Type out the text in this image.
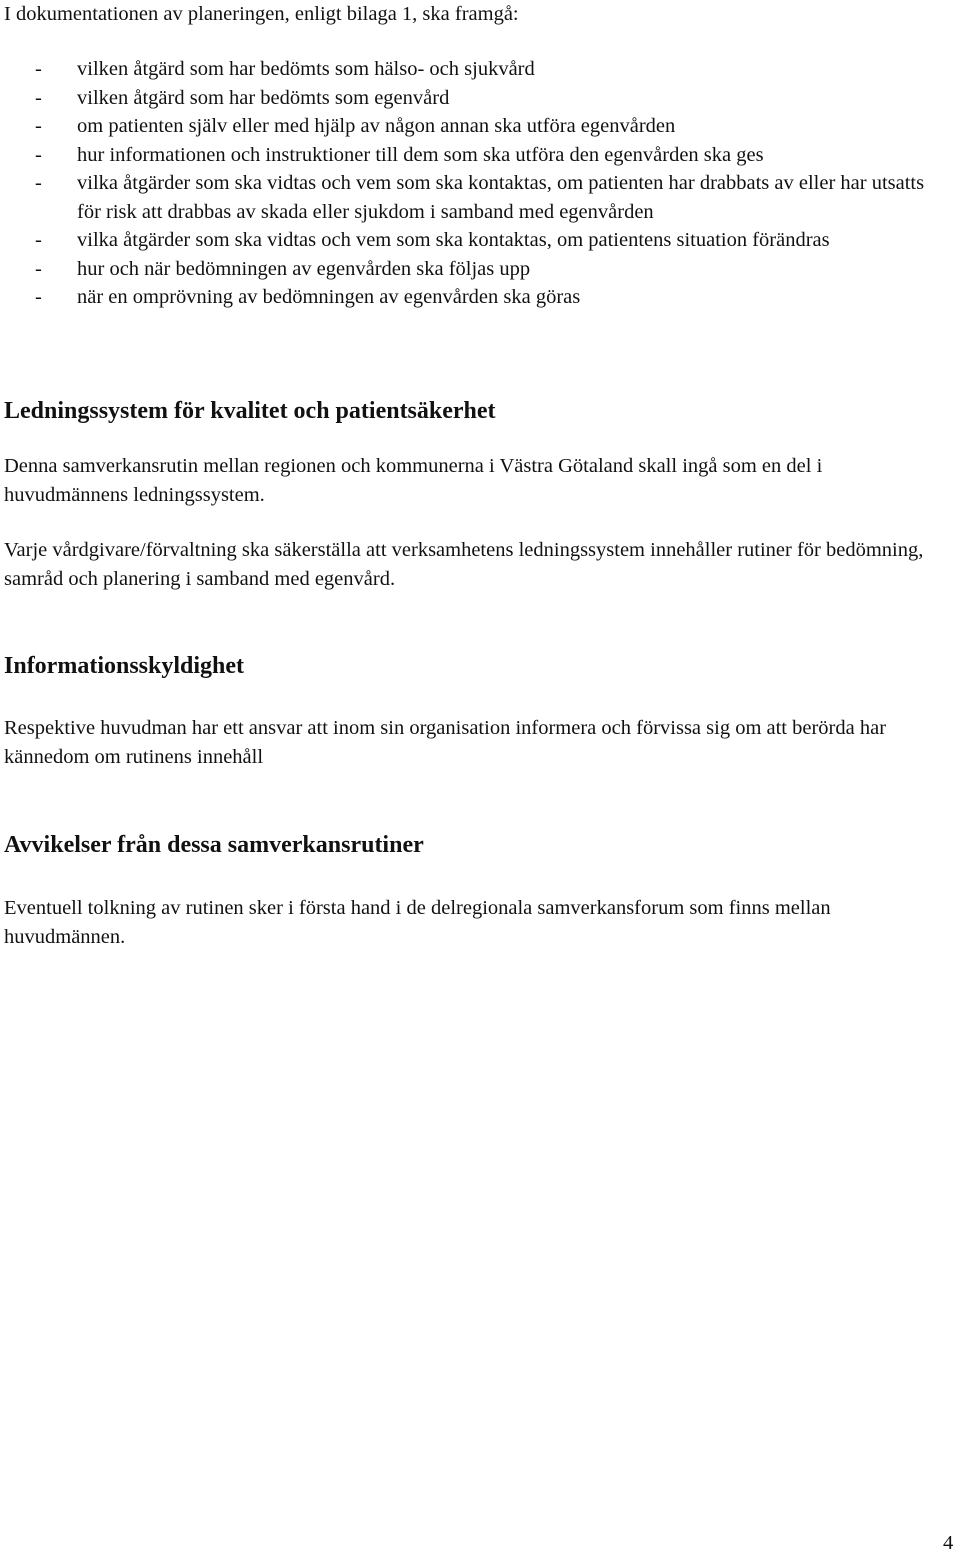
I dokumentationen av planeringen, enligt bilaga 1, ska framgå:

- vilken åtgärd som har bedömts som hälso- och sjukvård
- vilken åtgärd som har bedömts som egenvård
- om patienten själv eller med hjälp av någon annan ska utföra egenvården
- hur informationen och instruktioner till dem som ska utföra den egenvården ska ges
- vilka åtgärder som ska vidtas och vem som ska kontaktas, om patienten har drabbats av eller har utsatts för risk att drabbas av skada eller sjukdom i samband med egenvården
- vilka åtgärder som ska vidtas och vem som ska kontaktas, om patientens situation förändras
- hur och när bedömningen av egenvården ska följas upp
- när en omprövning av bedömningen av egenvården ska göras
Ledningssystem för kvalitet och patientsäkerhet

Denna samverkansrutin mellan regionen och kommunerna i Västra Götaland skall ingå som en del i huvudmännens ledningssystem.

Varje vårdgivare/förvaltning ska säkerställa att verksamhetens ledningssystem innehåller rutiner för bedömning, samråd och planering i samband med egenvård.

Informationsskyldighet

Respektive huvudman har ett ansvar att inom sin organisation informera och förvissa sig om att berörda har kännedom om rutinens innehåll

Avvikelser från dessa samverkansrutiner

Eventuell tolkning av rutinen sker i första hand i de delregionala samverkansforum som finns mellan huvudmännen.

4
